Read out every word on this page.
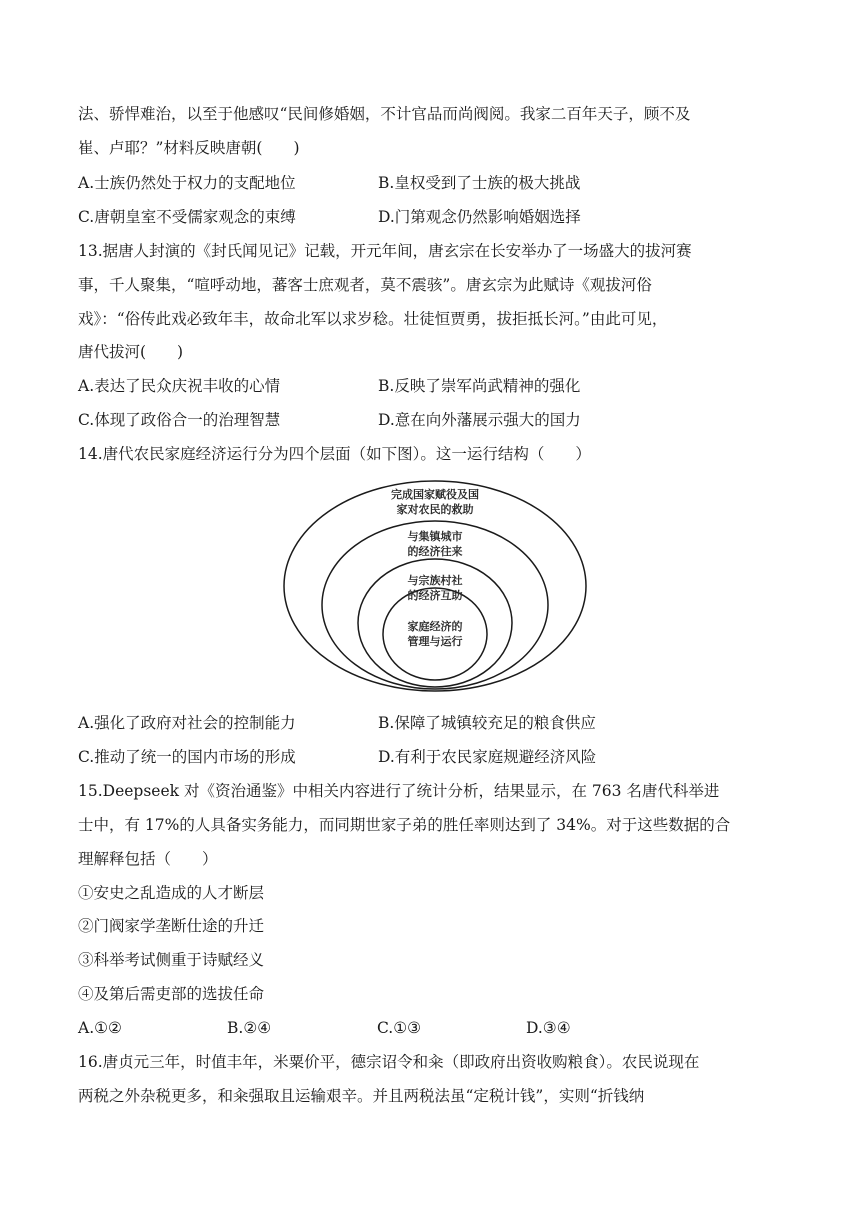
法、骄悍难治，以至于他感叹“民间修婚姻，不计官品而尚阀阅。我家二百年天子，顾不及
崔、卢耶？”材料反映唐朝(　　)
A.士族仍然处于权力的支配地位	B.皇权受到了士族的极大挑战
C.唐朝皇室不受儒家观念的束缚	D.门第观念仍然影响婚姻选择
13.据唐人封演的《封氏闻见记》记载，开元年间，唐玄宗在长安举办了一场盛大的拔河赛
事，千人聚集，“喧呼动地，蕃客士庶观者，莫不震骇”。唐玄宗为此赋诗《观拔河俗
戏》：“俗传此戏必致年丰，故命北军以求岁稔。壮徒恒贾勇，拔拒抵长河。”由此可见，
唐代拔河(　　)
A.表达了民众庆祝丰收的心情	B.反映了崇军尚武精神的强化
C.体现了政俗合一的治理智慧	D.意在向外藩展示强大的国力
14.唐代农民家庭经济运行分为四个层面（如下图）。这一运行结构（　　）
完成国家赋役及国
家对农民的救助
与集镇城市
的经济往来
与宗族村社
的经济互助
家庭经济的
管理与运行
A.强化了政府对社会的控制能力	B.保障了城镇较充足的粮食供应
C.推动了统一的国内市场的形成	D.有利于农民家庭规避经济风险
15.Deepseek 对《资治通鉴》中相关内容进行了统计分析，结果显示，在 763 名唐代科举进
士中，有 17%的人具备实务能力，而同期世家子弟的胜任率则达到了 34%。对于这些数据的合
理解释包括（　　）
①安史之乱造成的人才断层
②门阀家学垄断仕途的升迁
③科举考试侧重于诗赋经义
④及第后需吏部的选拔任命
A.①②	B.②④	C.①③	D.③④
16.唐贞元三年，时值丰年，米粟价平，德宗诏令和籴（即政府出资收购粮食）。农民说现在
两税之外杂税更多，和籴强取且运输艰辛。并且两税法虽“定税计钱”，实则“折钱纳
